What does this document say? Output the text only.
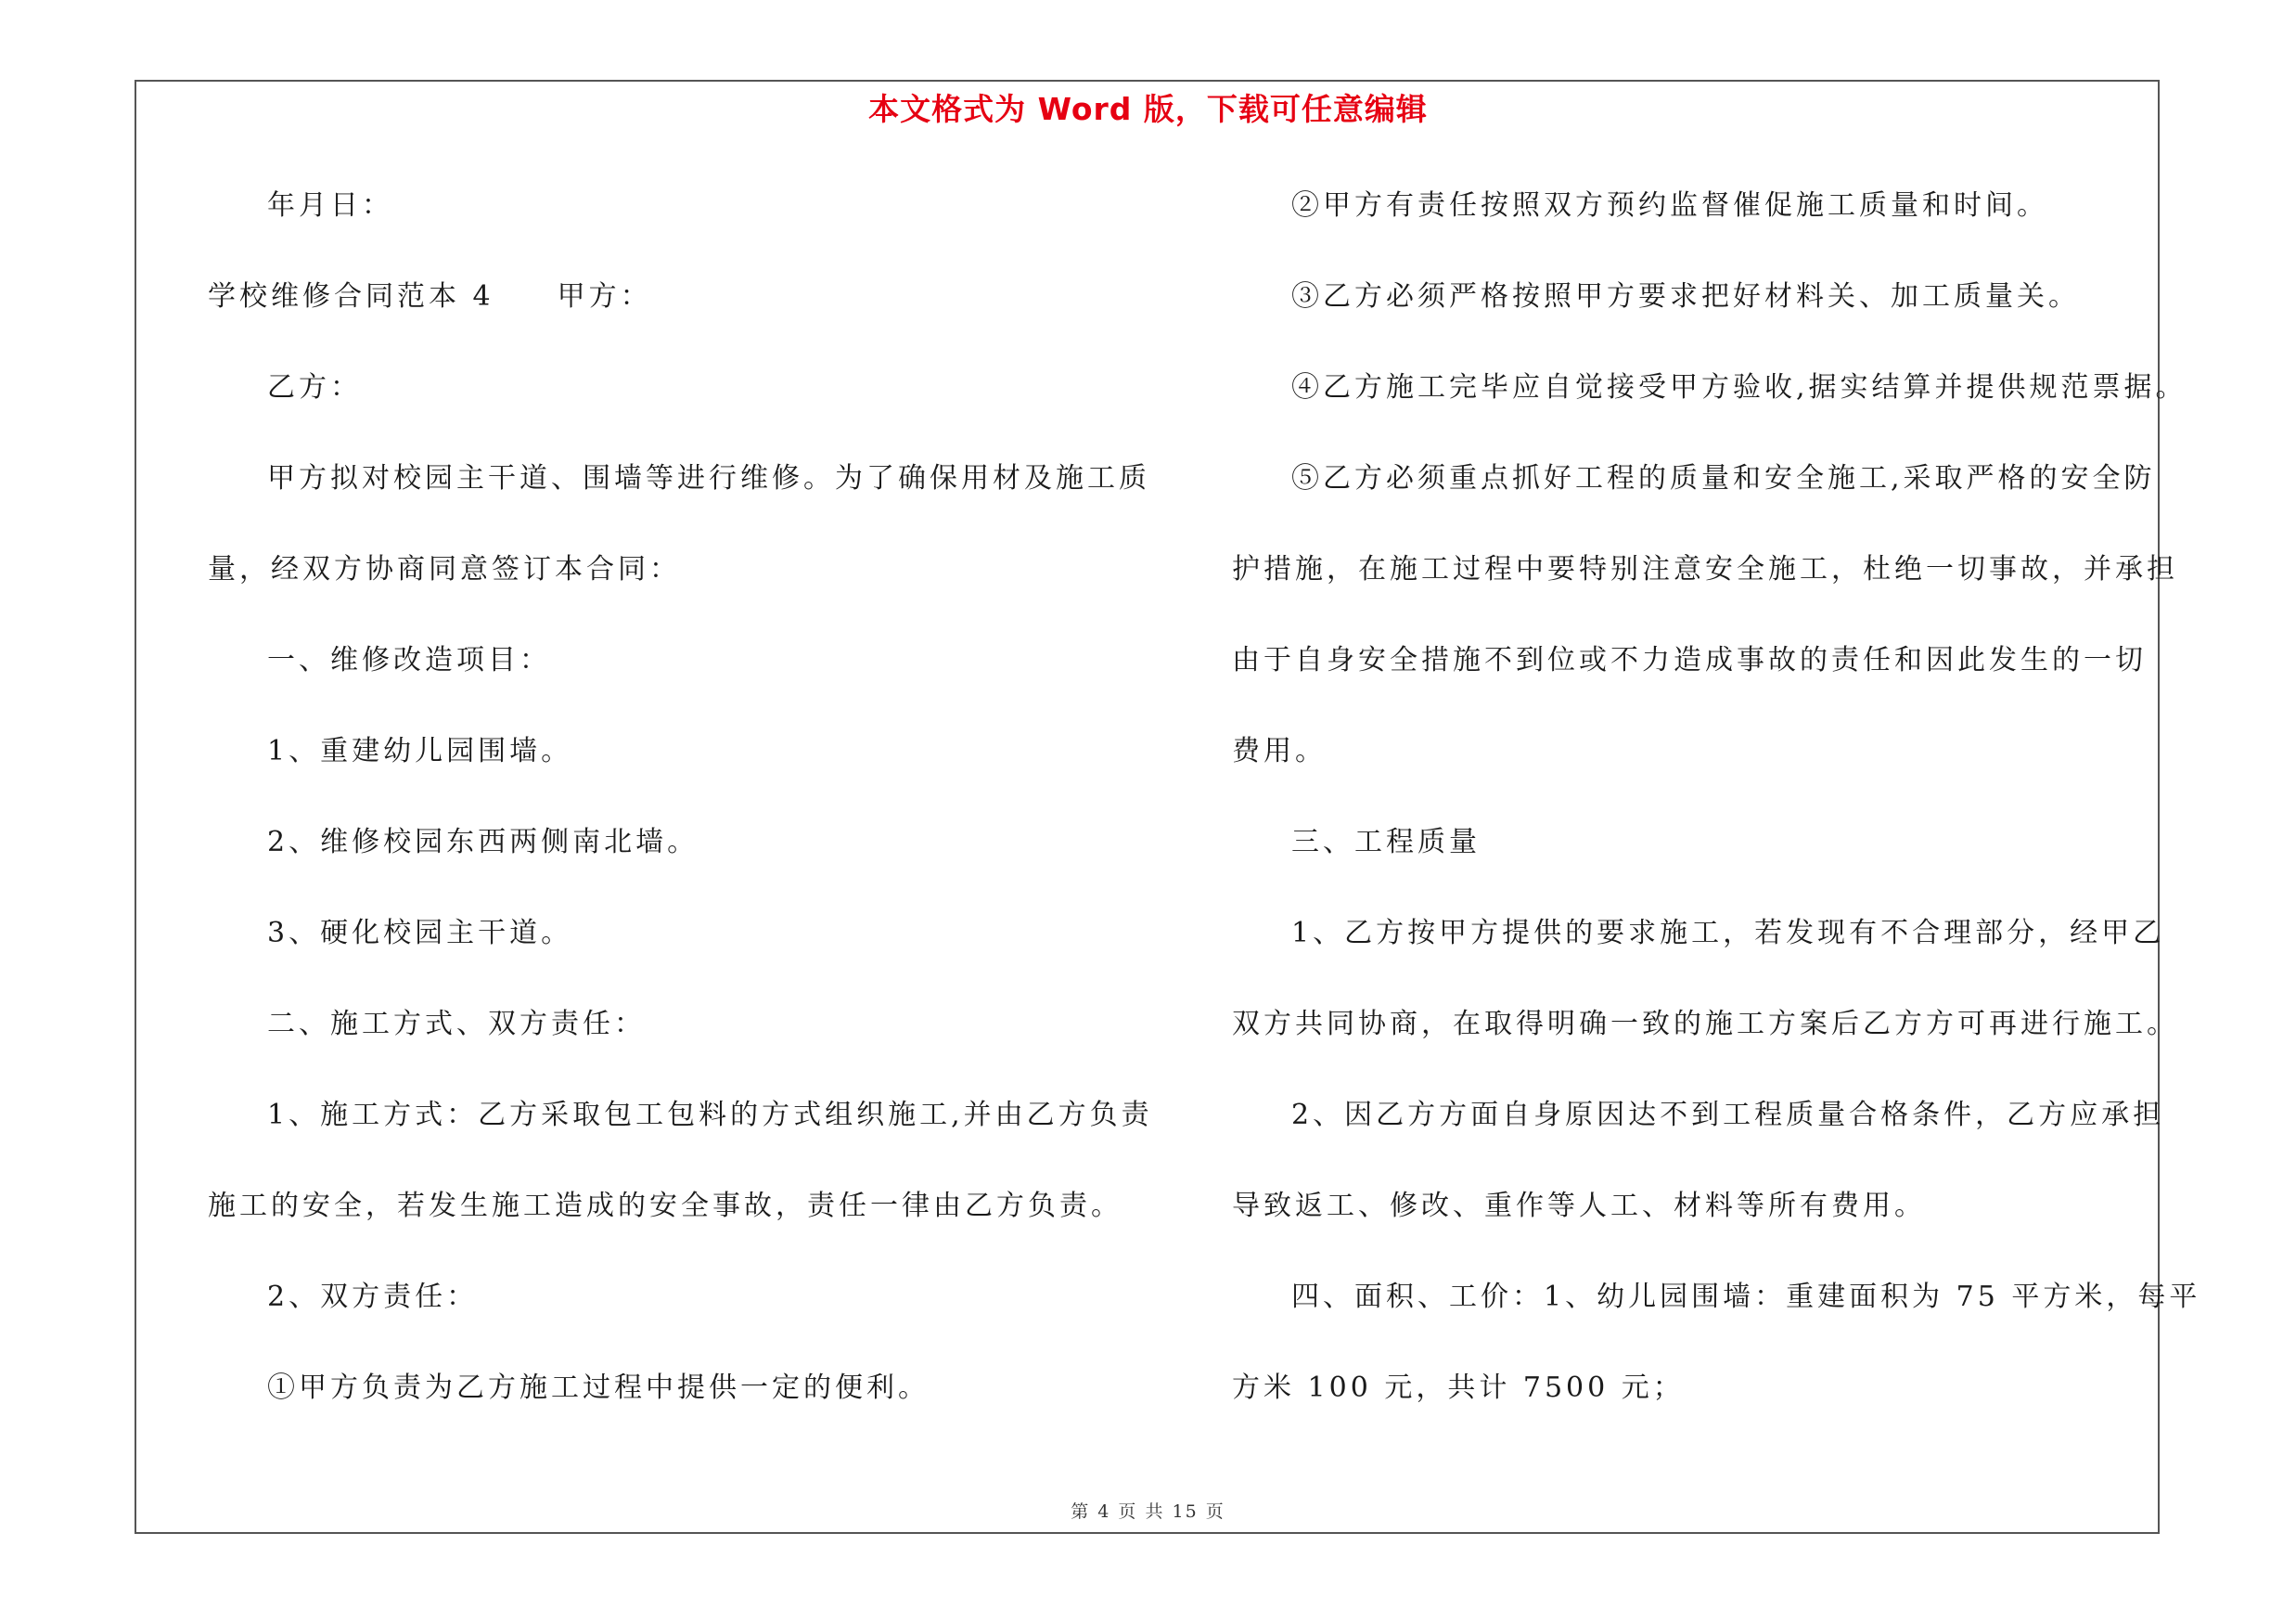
本文格式为 Word 版，下载可任意编辑
年月日：
学校维修合同范本 4　　甲方：
乙方：
甲方拟对校园主干道、围墙等进行维修。为了确保用材及施工质
量，经双方协商同意签订本合同：
一、维修改造项目：
1、重建幼儿园围墙。
2、维修校园东西两侧南北墙。
3、硬化校园主干道。
二、施工方式、双方责任：
1、施工方式：乙方采取包工包料的方式组织施工,并由乙方负责
施工的安全，若发生施工造成的安全事故，责任一律由乙方负责。
2、双方责任：
①甲方负责为乙方施工过程中提供一定的便利。
②甲方有责任按照双方预约监督催促施工质量和时间。
③乙方必须严格按照甲方要求把好材料关、加工质量关。
④乙方施工完毕应自觉接受甲方验收,据实结算并提供规范票据。
⑤乙方必须重点抓好工程的质量和安全施工,采取严格的安全防
护措施，在施工过程中要特别注意安全施工，杜绝一切事故，并承担
由于自身安全措施不到位或不力造成事故的责任和因此发生的一切
费用。
三、工程质量
1、乙方按甲方提供的要求施工，若发现有不合理部分，经甲乙
双方共同协商，在取得明确一致的施工方案后乙方方可再进行施工。
2、因乙方方面自身原因达不到工程质量合格条件，乙方应承担
导致返工、修改、重作等人工、材料等所有费用。
四、面积、工价：1、幼儿园围墙：重建面积为 75 平方米，每平
方米 100 元，共计 7500 元；
第 4 页 共 15 页
